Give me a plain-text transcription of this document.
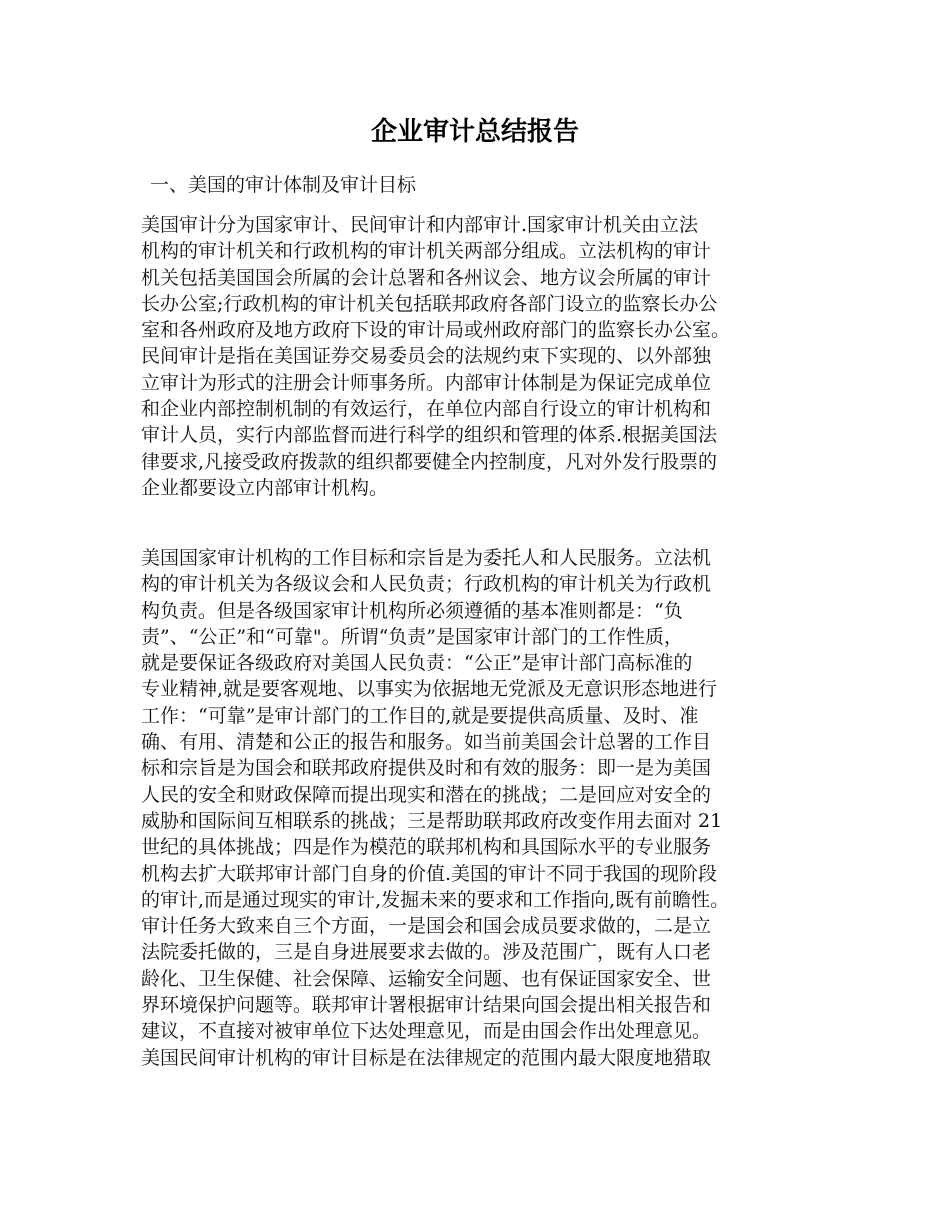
企业审计总结报告
一、美国的审计体制及审计目标
美国审计分为国家审计、民间审计和内部审计.国家审计机关由立法
机构的审计机关和行政机构的审计机关两部分组成。立法机构的审计
机关包括美国国会所属的会计总署和各州议会、地方议会所属的审计
长办公室;行政机构的审计机关包括联邦政府各部门设立的监察长办公
室和各州政府及地方政府下设的审计局或州政府部门的监察长办公室。
民间审计是指在美国证券交易委员会的法规约束下实现的、以外部独
立审计为形式的注册会计师事务所。内部审计体制是为保证完成单位
和企业内部控制机制的有效运行，在单位内部自行设立的审计机构和
审计人员，实行内部监督而进行科学的组织和管理的体系.根据美国法
律要求,凡接受政府拨款的组织都要健全内控制度，凡对外发行股票的
企业都要设立内部审计机构。
美国国家审计机构的工作目标和宗旨是为委托人和人民服务。立法机
构的审计机关为各级议会和人民负责；行政机构的审计机关为行政机
构负责。但是各级国家审计机构所必须遵循的基本准则都是：“负
责”、“公正”和“可靠"。所谓“负责”是国家审计部门的工作性质，
就是要保证各级政府对美国人民负责：“公正”是审计部门高标准的
专业精神,就是要客观地、以事实为依据地无党派及无意识形态地进行
工作：“可靠”是审计部门的工作目的,就是要提供高质量、及时、准
确、有用、清楚和公正的报告和服务。如当前美国会计总署的工作目
标和宗旨是为国会和联邦政府提供及时和有效的服务：即一是为美国
人民的安全和财政保障而提出现实和潜在的挑战；二是回应对安全的
威胁和国际间互相联系的挑战；三是帮助联邦政府改变作用去面对 21
世纪的具体挑战；四是作为模范的联邦机构和具国际水平的专业服务
机构去扩大联邦审计部门自身的价值.美国的审计不同于我国的现阶段
的审计,而是通过现实的审计,发掘未来的要求和工作指向,既有前瞻性。
审计任务大致来自三个方面，一是国会和国会成员要求做的，二是立
法院委托做的，三是自身进展要求去做的。涉及范围广，既有人口老
龄化、卫生保健、社会保障、运输安全问题、也有保证国家安全、世
界环境保护问题等。联邦审计署根据审计结果向国会提出相关报告和
建议，不直接对被审单位下达处理意见，而是由国会作出处理意见。
美国民间审计机构的审计目标是在法律规定的范围内最大限度地猎取
